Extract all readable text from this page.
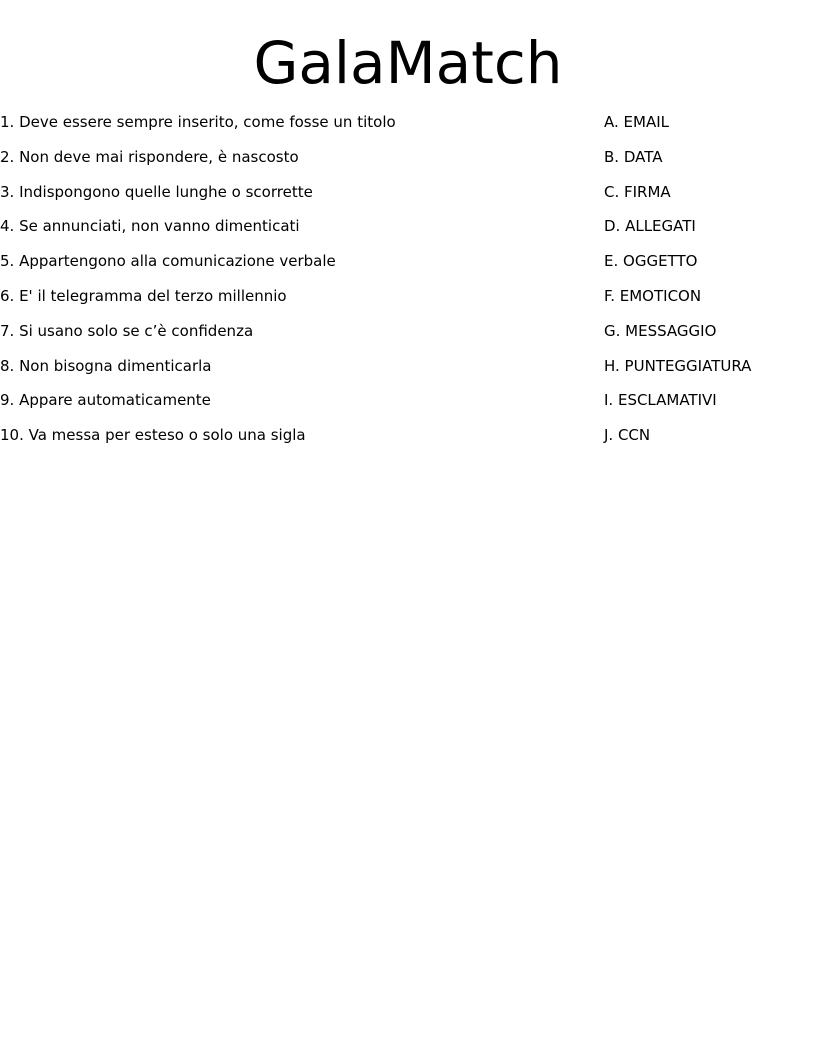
GalaMatch
1. Deve essere sempre inserito, come fosse un titolo
2. Non deve mai rispondere, è nascosto
3. Indispongono quelle lunghe o scorrette
4. Se annunciati, non vanno dimenticati
5. Appartengono alla comunicazione verbale
6. E' il telegramma del terzo millennio
7. Si usano solo se c’è confidenza
8. Non bisogna dimenticarla
9. Appare automaticamente
10. Va messa per esteso o solo una sigla
A. EMAIL
B. DATA
C. FIRMA
D. ALLEGATI
E. OGGETTO
F. EMOTICON
G. MESSAGGIO
H. PUNTEGGIATURA
I. ESCLAMATIVI
J. CCN
